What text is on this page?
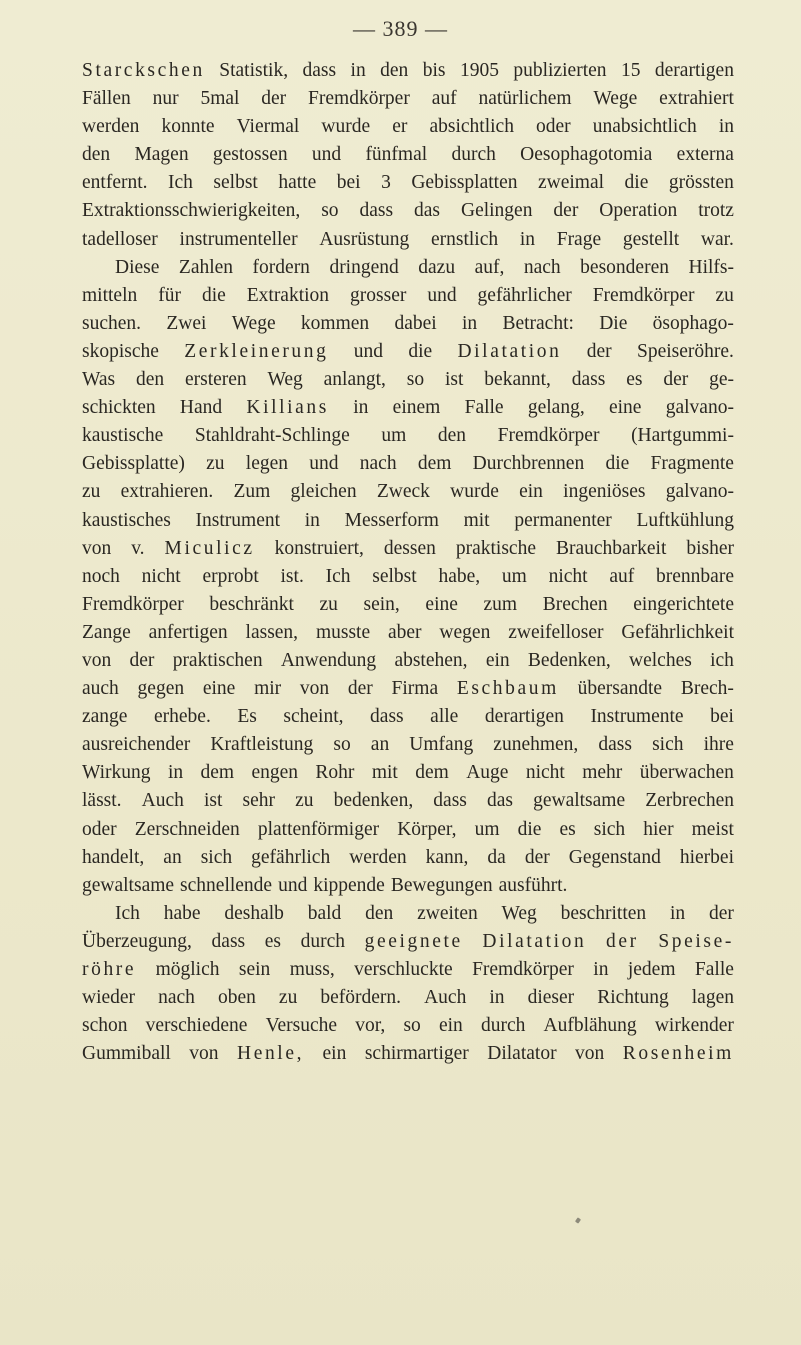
— 389 —
Starckschen Statistik, dass in den bis 1905 publizierten 15 derartigen
Fällen nur 5mal der Fremdkörper auf natürlichem Wege extrahiert
werden konnte Viermal wurde er absichtlich oder unabsichtlich in
den Magen gestossen und fünfmal durch Oesophagotomia externa
entfernt. Ich selbst hatte bei 3 Gebissplatten zweimal die grössten
Extraktionsschwierigkeiten, so dass das Gelingen der Operation trotz
tadelloser instrumenteller Ausrüstung ernstlich in Frage gestellt war.
Diese Zahlen fordern dringend dazu auf, nach besonderen Hilfs-
mitteln für die Extraktion grosser und gefährlicher Fremdkörper zu
suchen. Zwei Wege kommen dabei in Betracht: Die ösophago-
skopische Zerkleinerung und die Dilatation der Speiseröhre.
Was den ersteren Weg anlangt, so ist bekannt, dass es der ge-
schickten Hand Killians in einem Falle gelang, eine galvano-
kaustische Stahldraht-Schlinge um den Fremdkörper (Hartgummi-
Gebissplatte) zu legen und nach dem Durchbrennen die Fragmente
zu extrahieren. Zum gleichen Zweck wurde ein ingeniöses galvano-
kaustisches Instrument in Messerform mit permanenter Luftkühlung
von v. Miculicz konstruiert, dessen praktische Brauchbarkeit bisher
noch nicht erprobt ist. Ich selbst habe, um nicht auf brennbare
Fremdkörper beschränkt zu sein, eine zum Brechen eingerichtete
Zange anfertigen lassen, musste aber wegen zweifelloser Gefährlichkeit
von der praktischen Anwendung abstehen, ein Bedenken, welches ich
auch gegen eine mir von der Firma Eschbaum übersandte Brech-
zange erhebe. Es scheint, dass alle derartigen Instrumente bei
ausreichender Kraftleistung so an Umfang zunehmen, dass sich ihre
Wirkung in dem engen Rohr mit dem Auge nicht mehr überwachen
lässt. Auch ist sehr zu bedenken, dass das gewaltsame Zerbrechen
oder Zerschneiden plattenförmiger Körper, um die es sich hier meist
handelt, an sich gefährlich werden kann, da der Gegenstand hierbei
gewaltsame schnellende und kippende Bewegungen ausführt.
Ich habe deshalb bald den zweiten Weg beschritten in der
Überzeugung, dass es durch geeignete Dilatation der Speise-
röhre möglich sein muss, verschluckte Fremdkörper in jedem Falle
wieder nach oben zu befördern. Auch in dieser Richtung lagen
schon verschiedene Versuche vor, so ein durch Aufblähung wirkender
Gummiball von Henle, ein schirmartiger Dilatator von Rosenheim
